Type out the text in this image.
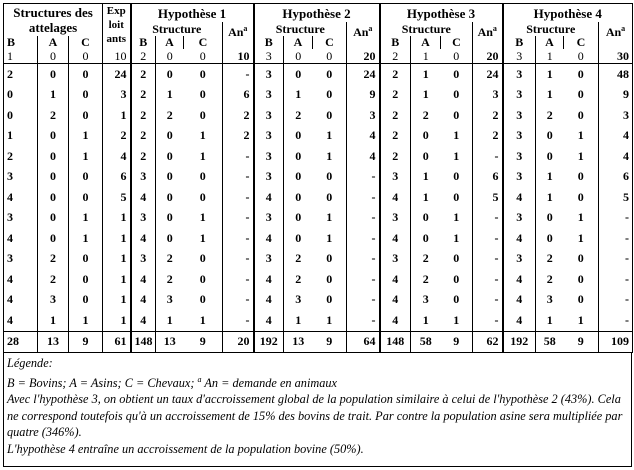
Structures des attelages			Exp loit ants	Hypothèse 1				Hypothèse 2				Hypothèse 3				Hypothèse 4			
				Structure			An$^a$	Structure			An$^a$	Structure			An$^a$	Structure			An$^a$
B	A	C		B	A	C		B	A	C		B	A	C		B	A	C	
1	0	0	10	2	0	0	10	3	0	0	20	2	1	0	20	3	1	0	30
2	0	0	24	2	0	0	-	3	0	0	24	2	1	0	24	3	1	0	48
0	1	0	3	2	1	0	6	3	1	0	9	2	1	0	3	3	1	0	9
0	2	0	1	2	2	0	2	3	2	0	3	2	2	0	2	3	2	0	3
1	0	1	2	2	0	1	2	3	0	1	4	2	0	1	2	3	0	1	4
2	0	1	4	2	0	1	-	3	0	1	4	2	0	1	-	3	0	1	4
3	0	0	6	3	0	0	-	3	0	0	-	3	1	0	6	3	1	0	6
4	0	0	5	4	0	0	-	4	0	0	-	4	1	0	5	4	1	0	5
3	0	1	1	3	0	1	-	3	0	1	-	3	0	1	-	3	0	1	-
4	0	1	1	4	0	1	-	4	0	1	-	4	0	1	-	4	0	1	-
3	2	0	1	3	2	0	-	3	2	0	-	3	2	0	-	3	2	0	-
4	2	0	1	4	2	0	-	4	2	0	-	4	2	0	-	4	2	0	-
4	3	0	1	4	3	0	-	4	3	0	-	4	3	0	-	4	3	0	-
4	1	1	1	4	1	1	-	4	1	1	-	4	1	1	-	4	1	1	-
28	13	9	61	148	13	9	20	192	13	9	64	148	58	9	62	192	58	9	109
Légende:
B = Bovins; A = Asins; C = Chevaux; $^a$ An = demande en animaux
Avec l'hypothèse 3, on obtient un taux d'accroissement global de la population similaire à celui de l'hypothèse 2 (43%). Cela ne correspond toutefois qu'à un accroissement de 15% des bovins de trait. Par contre la population asine sera multipliée par quatre (346%).
L'hypothèse 4 entraîne un accroissement de la population bovine (50%).
